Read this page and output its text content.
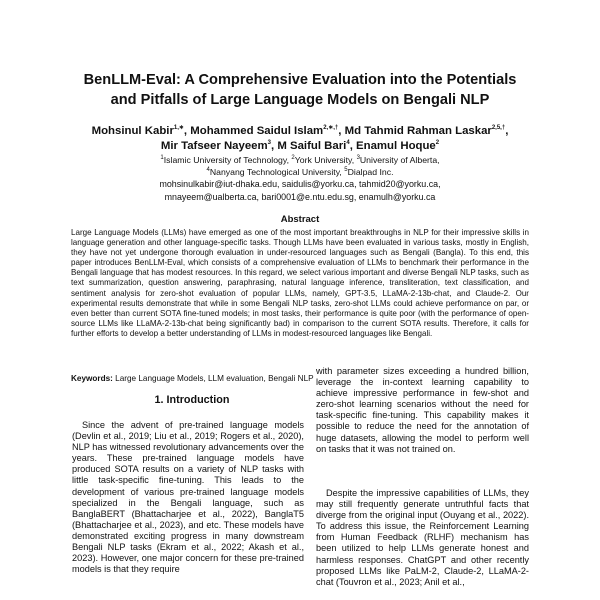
BenLLM-Eval: A Comprehensive Evaluation into the Potentials
and Pitfalls of Large Language Models on Bengali NLP
Mohsinul Kabir$^{1,∗}$, Mohammed Saidul Islam$^{2,∗,\dagger}$, Md Tahmid Rahman Laskar$^{2,5,\dagger}$,
Mir Tafseer Nayeem$^3$, M Saiful Bari$^4$, Enamul Hoque$^2$
$^1$Islamic University of Technology, $^2$York University, $^3$University of Alberta,
$^4$Nanyang Technological University, $^5$Dialpad Inc.
mohsinulkabir@iut-dhaka.edu, saidulis@yorku.ca, tahmid20@yorku.ca,
mnayeem@ualberta.ca, bari0001@e.ntu.edu.sg, enamulh@yorku.ca
Abstract
Large Language Models (LLMs) have emerged as one of the most important breakthroughs in NLP for their impressive skills in language generation and other language-specific tasks. Though LLMs have been evaluated in various tasks, mostly in English, they have not yet undergone thorough evaluation in under-resourced languages such as Bengali (Bangla). To this end, this paper introduces BenLLM-Eval, which consists of a comprehensive evaluation of LLMs to benchmark their performance in the Bengali language that has modest resources. In this regard, we select various important and diverse Bengali NLP tasks, such as text summarization, question answering, paraphrasing, natural language inference, transliteration, text classification, and sentiment analysis for zero-shot evaluation of popular LLMs, namely, GPT-3.5, LLaMA-2-13b-chat, and Claude-2. Our experimental results demonstrate that while in some Bengali NLP tasks, zero-shot LLMs could achieve performance on par, or even better than current SOTA fine-tuned models; in most tasks, their performance is quite poor (with the performance of open-source LLMs like LLaMA-2-13b-chat being significantly bad) in comparison to the current SOTA results. Therefore, it calls for further efforts to develop a better understanding of LLMs in modest-resourced languages like Bengali.
Keywords: Large Language Models, LLM evaluation, Bengali NLP
1. Introduction
Since the advent of pre-trained language models (Devlin et al., 2019; Liu et al., 2019; Rogers et al., 2020), NLP has witnessed revolutionary advancements over the years. These pre-trained language models have produced SOTA results on a variety of NLP tasks with little task-specific fine-tuning. This leads to the development of various pre-trained language models specialized in the Bengali language, such as BanglaBERT (Bhattacharjee et al., 2022), BanglaT5 (Bhattacharjee et al., 2023), and etc. These models have demonstrated exciting progress in many downstream Bengali NLP tasks (Ekram et al., 2022; Akash et al., 2023). However, one major concern for these pre-trained models is that they require
with parameter sizes exceeding a hundred billion, leverage the in-context learning capability to achieve impressive performance in few-shot and zero-shot learning scenarios without the need for task-specific fine-tuning. This capability makes it possible to reduce the need for the annotation of huge datasets, allowing the model to perform well on tasks that it was not trained on.
Despite the impressive capabilities of LLMs, they may still frequently generate untruthful facts that diverge from the original input (Ouyang et al., 2022). To address this issue, the Reinforcement Learning from Human Feedback (RLHF) mechanism has been utilized to help LLMs generate honest and harmless responses. ChatGPT and other recently proposed LLMs like PaLM-2, Claude-2, LLaMA-2-chat (Touvron et al., 2023; Anil et al.,
